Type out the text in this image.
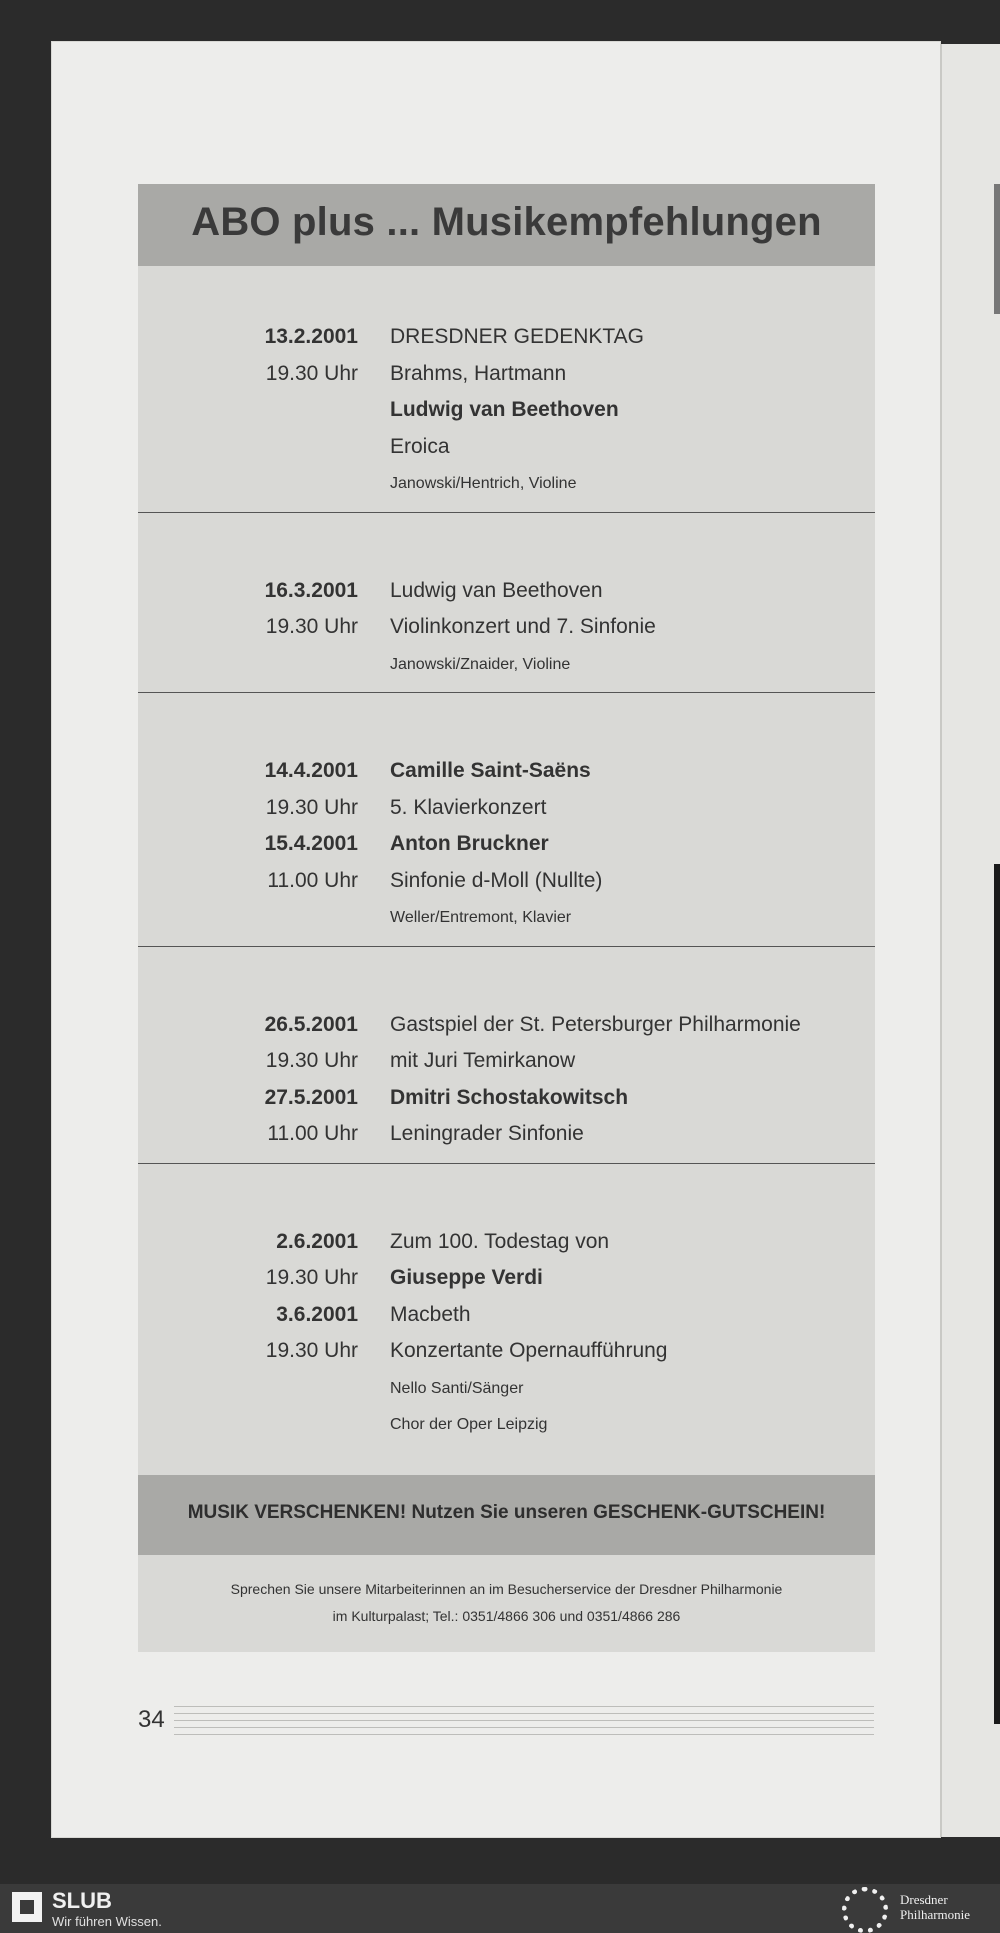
ABO plus ... Musikempfehlungen
13.2.2001 DRESDNER GEDENKTAG
19.30 Uhr Brahms, Hartmann
Ludwig van Beethoven
Eroica
Janowski/Hentrich, Violine
16.3.2001 Ludwig van Beethoven
19.30 Uhr Violinkonzert und 7. Sinfonie
Janowski/Znaider, Violine
14.4.2001 Camille Saint-Saëns
19.30 Uhr 5. Klavierkonzert
15.4.2001 Anton Bruckner
11.00 Uhr Sinfonie d-Moll (Nullte)
Weller/Entremont, Klavier
26.5.2001 Gastspiel der St. Petersburger Philharmonie
19.30 Uhr mit Juri Temirkanow
27.5.2001 Dmitri Schostakowitsch
11.00 Uhr Leningrader Sinfonie
2.6.2001 Zum 100. Todestag von
19.30 Uhr Giuseppe Verdi
3.6.2001 Macbeth
19.30 Uhr Konzertante Opernaufführung
Nello Santi/Sänger
Chor der Oper Leipzig
MUSIK VERSCHENKEN! Nutzen Sie unseren GESCHENK-GUTSCHEIN!
Sprechen Sie unsere Mitarbeiterinnen an im Besucherservice der Dresdner Philharmonie
im Kulturpalast; Tel.: 0351/4866 306 und 0351/4866 286
34
SLUB
Wir führen Wissen.
Dresdner
Philharmonie
